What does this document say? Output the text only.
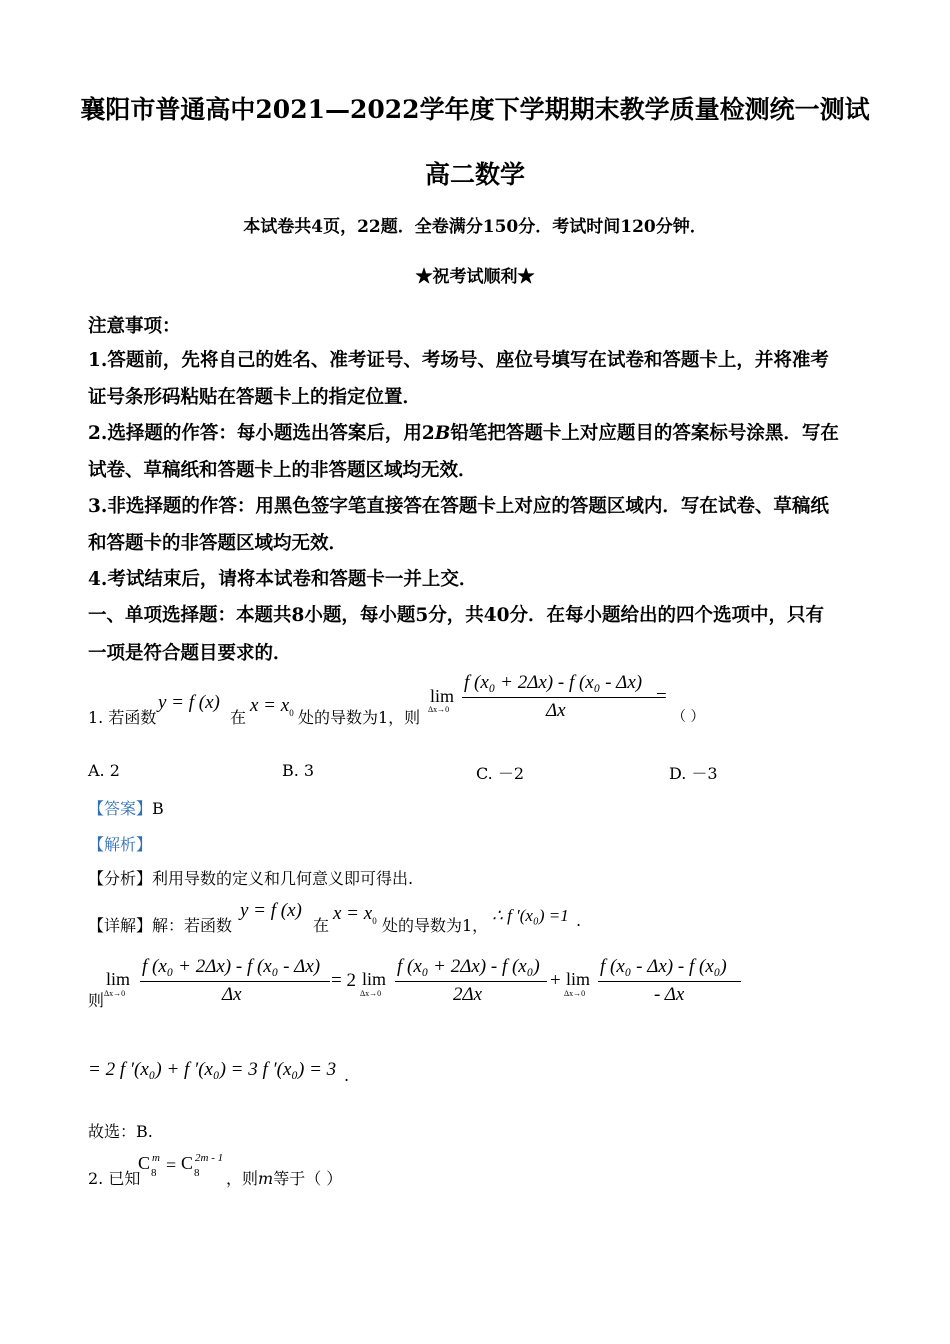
襄阳市普通高中2021—2022学年度下学期期末教学质量检测统一测试
高二数学
本试卷共4页，22题．全卷满分150分．考试时间120分钟．
★祝考试顺利★
注意事项：
1.答题前，先将自己的姓名、准考证号、考场号、座位号填写在试卷和答题卡上，并将准考
证号条形码粘贴在答题卡上的指定位置．
2.选择题的作答：每小题选出答案后，用2B铅笔把答题卡上对应题目的答案标号涂黑．写在
试卷、草稿纸和答题卡上的非答题区域均无效．
3.非选择题的作答：用黑色签字笔直接答在答题卡上对应的答题区域内．写在试卷、草稿纸
和答题卡的非答题区域均无效．
4.考试结束后，请将本试卷和答题卡一并上交．
一、单项选择题：本题共8小题，每小题5分，共40分．在每小题给出的四个选项中，只有
一项是符合题目要求的．
1. 若函数
y = f (x)
在
$x = x_0$ 处的导数为1，则
lim
Δx→0
f (x₀ + 2Δx) - f (x₀ - Δx)
Δx
=
（ ）
A. 2	B. 3	C. －2	D. －3
【答案】B
【解析】
【分析】利用导数的定义和几何意义即可得出.
【详解】解：若函数
y = f (x)
在
$x = x_0$ 处的导数为1，
∴ f ′(x₀) =1 .
则
lim
Δx→0
f (x₀ + 2Δx) - f (x₀ - Δx)
Δx
= 2 lim
Δx→0
f (x₀ + 2Δx) - f (x₀)
2Δx
+ lim
Δx→0
f (x₀ - Δx) - f (x₀)
- Δx
= 2 f ′(x₀) + f ′(x₀) = 3 f ′(x₀) = 3 .
故选：B.
2. 已知
C m
8 = C 2m - 1
8 ，则m等于（ ）
